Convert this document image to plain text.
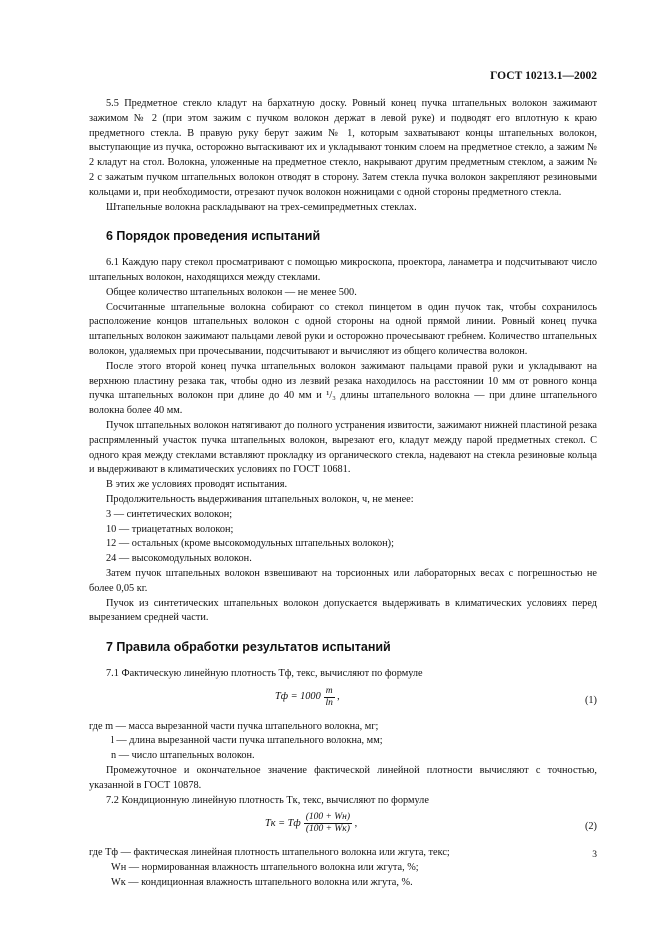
ГОСТ 10213.1—2002

5.5 Предметное стекло кладут на бархатную доску. Ровный конец пучка штапельных волокон зажимают зажимом № 2 (при этом зажим с пучком волокон держат в левой руке) и подводят его вплотную к краю предметного стекла. В правую руку берут зажим № 1, которым захватывают концы штапельных волокон, выступающие из пучка, осторожно вытаскивают их и укладывают тонким слоем на предметное стекло, а зажим № 2 кладут на стол. Волокна, уложенные на предметное стекло, накрывают другим предметным стеклом, а зажим № 2 с зажатым пучком штапельных волокон отводят в сторону. Затем стекла пучка волокон закрепляют резиновыми кольцами и, при необходимости, отрезают пучок волокон ножницами с одной стороны предметного стекла.

Штапельные волокна раскладывают на трех-семипредметных стеклах.

6 Порядок проведения испытаний

6.1 Каждую пару стекол просматривают с помощью микроскопа, проектора, ланаметра и подсчитывают число штапельных волокон, находящихся между стеклами.

Общее количество штапельных волокон — не менее 500.

Сосчитанные штапельные волокна собирают со стекол пинцетом в один пучок так, чтобы сохранилось расположение концов штапельных волокон с одной стороны на одной прямой линии. Ровный конец пучка штапельных волокон зажимают пальцами левой руки и осторожно прочесывают гребнем. Количество штапельных волокон, удаляемых при прочесывании, подсчитывают и вычисляют из общего количества волокон.

После этого второй конец пучка штапельных волокон зажимают пальцами правой руки и укладывают на верхнюю пластину резака так, чтобы одно из лезвий резака находилось на расстоянии 10 мм от ровного конца пучка штапельных волокон при длине до 40 мм и ¹/₃ длины штапельного волокна — при длине штапельного волокна более 40 мм.

Пучок штапельных волокон натягивают до полного устранения извитости, зажимают нижней пластиной резака распрямленный участок пучка штапельных волокон, вырезают его, кладут между парой предметных стекол. С одного края между стеклами вставляют прокладку из органического стекла, надевают на стекла резиновые кольца и выдерживают в климатических условиях по ГОСТ 10681.

В этих же условиях проводят испытания.

Продолжительность выдерживания штапельных волокон, ч, не менее:

3 — синтетических волокон;

10 — триацетатных волокон;

12 — остальных (кроме высокомодульных штапельных волокон);

24 — высокомодульных волокон.

Затем пучок штапельных волокон взвешивают на торсионных или лабораторных весах с погрешностью не более 0,05 кг.

Пучок из синтетических штапельных волокон допускается выдерживать в климатических условиях перед вырезанием средней части.

7 Правила обработки результатов испытаний

7.1 Фактическую линейную плотность Tф, текс, вычисляют по формуле

Tф = $1000 \frac{m}{\ln}$ ,	(1)

где m — масса вырезанной части пучка штапельного волокна, мг;

l — длина вырезанной части пучка штапельного волокна, мм;

n — число штапельных волокон.

Промежуточное и окончательное значение фактической линейной плотности вычисляют с точностью, указанной в ГОСТ 10878.

7.2 Кондиционную линейную плотность Tк, текс, вычисляют по формуле

Tк = Tф $\frac{(100 + Wн)}{(100 + Wк)}$ ,	(2)

где Tф — фактическая линейная плотность штапельного волокна или жгута, текс;

Wн — нормированная влажность штапельного волокна или жгута, %;

Wк — кондиционная влажность штапельного волокна или жгута, %.

3
